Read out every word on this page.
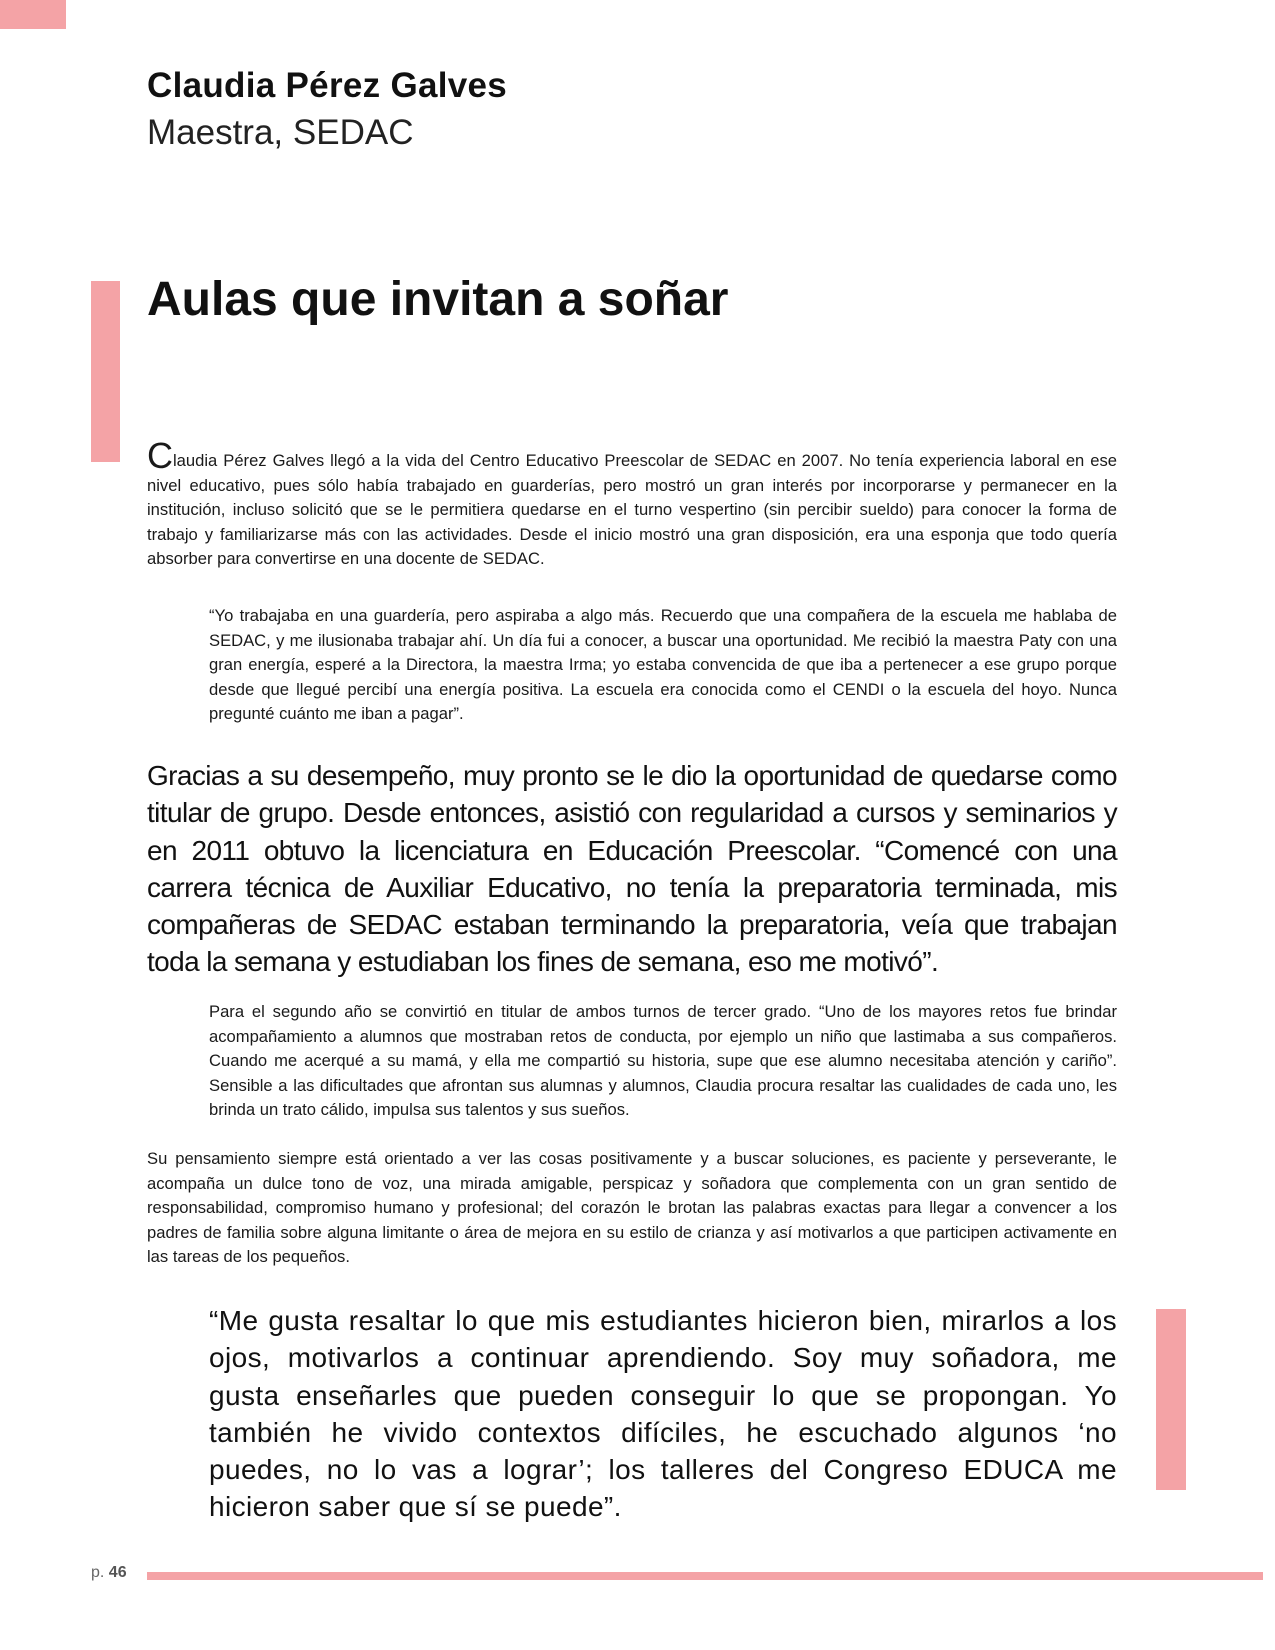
Claudia Pérez Galves
Maestra, SEDAC
Aulas que invitan a soñar

Claudia Pérez Galves llegó a la vida del Centro Educativo Preescolar de SEDAC en 2007. No tenía experiencia laboral en ese nivel educativo, pues sólo había trabajado en guarderías, pero mostró un gran interés por incorporarse y permanecer en la institución, incluso solicitó que se le permitiera quedarse en el turno vespertino (sin percibir sueldo) para conocer la forma de trabajo y familiarizarse más con las actividades. Desde el inicio mostró una gran disposición, era una esponja que todo quería absorber para convertirse en una docente de SEDAC.

“Yo trabajaba en una guardería, pero aspiraba a algo más. Recuerdo que una compañera de la escuela me hablaba de SEDAC, y me ilusionaba trabajar ahí. Un día fui a conocer, a buscar una oportunidad. Me recibió la maestra Paty con una gran energía, esperé a la Directora, la maestra Irma; yo estaba convencida de que iba a pertenecer a ese grupo porque desde que llegué percibí una energía positiva. La escuela era conocida como el CENDI o la escuela del hoyo. Nunca pregunté cuánto me iban a pagar”.

Gracias a su desempeño, muy pronto se le dio la oportunidad de quedarse como titular de grupo. Desde entonces, asistió con regularidad a cursos y seminarios y en 2011 obtuvo la licenciatura en Educación Preescolar. “Comencé con una carrera técnica de Auxiliar Educativo, no tenía la preparatoria terminada, mis compañeras de SEDAC estaban terminando la preparatoria, veía que trabajan toda la semana y estudiaban los fines de semana, eso me motivó”.

Para el segundo año se convirtió en titular de ambos turnos de tercer grado. “Uno de los mayores retos fue brindar acompañamiento a alumnos que mostraban retos de conducta, por ejemplo un niño que lastimaba a sus compañeros. Cuando me acerqué a su mamá, y ella me compartió su historia, supe que ese alumno necesitaba atención y cariño”. Sensible a las dificultades que afrontan sus alumnas y alumnos, Claudia procura resaltar las cualidades de cada uno, les brinda un trato cálido, impulsa sus talentos y sus sueños.

Su pensamiento siempre está orientado a ver las cosas positivamente y a buscar soluciones, es paciente y perseverante, le acompaña un dulce tono de voz, una mirada amigable, perspicaz y soñadora que complementa con un gran sentido de responsabilidad, compromiso humano y profesional; del corazón le brotan las palabras exactas para llegar a convencer a los padres de familia sobre alguna limitante o área de mejora en su estilo de crianza y así motivarlos a que participen activamente en las tareas de los pequeños.

“Me gusta resaltar lo que mis estudiantes hicieron bien, mirarlos a los ojos, motivarlos a continuar aprendiendo. Soy muy soñadora, me gusta enseñarles que pueden conseguir lo que se propongan. Yo también he vivido contextos difíciles, he escuchado algunos ‘no puedes, no lo vas a lograr’; los talleres del Congreso EDUCA me hicieron saber que sí se puede”.

p. 46
